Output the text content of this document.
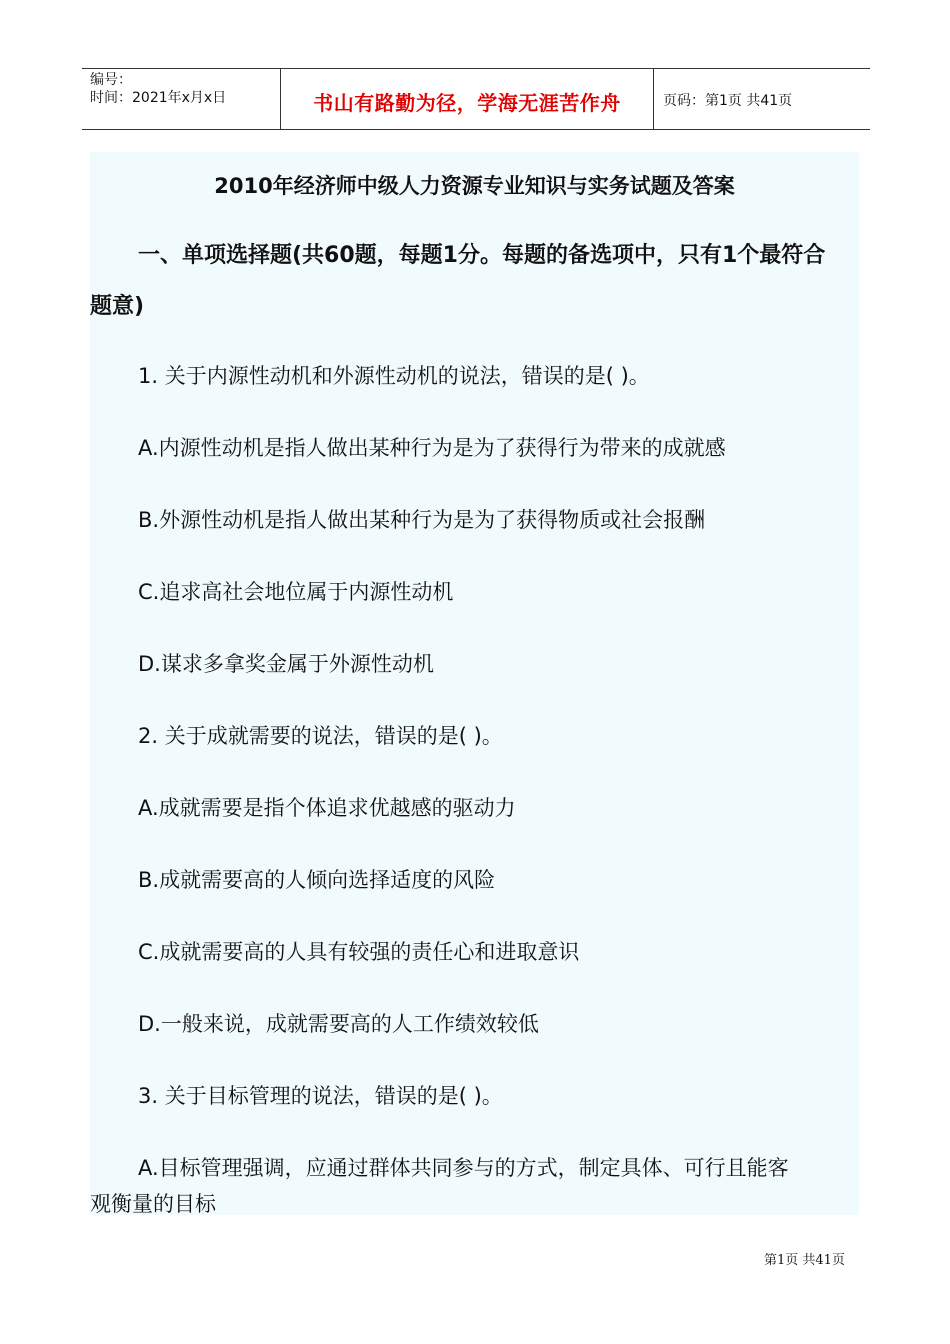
编号：
时间：2021年x月x日	书山有路勤为径，学海无涯苦作舟	页码：第1页 共41页
2010年经济师中级人力资源专业知识与实务试题及答案
一、单项选择题(共60题，每题1分。每题的备选项中，只有1个最符合
题意)
1. 关于内源性动机和外源性动机的说法，错误的是( )。
A.内源性动机是指人做出某种行为是为了获得行为带来的成就感
B.外源性动机是指人做出某种行为是为了获得物质或社会报酬
C.追求高社会地位属于内源性动机
D.谋求多拿奖金属于外源性动机
2. 关于成就需要的说法，错误的是( )。
A.成就需要是指个体追求优越感的驱动力
B.成就需要高的人倾向选择适度的风险
C.成就需要高的人具有较强的责任心和进取意识
D.一般来说，成就需要高的人工作绩效较低
3. 关于目标管理的说法，错误的是( )。
A.目标管理强调，应通过群体共同参与的方式，制定具体、可行且能客
观衡量的目标
第1页 共41页
